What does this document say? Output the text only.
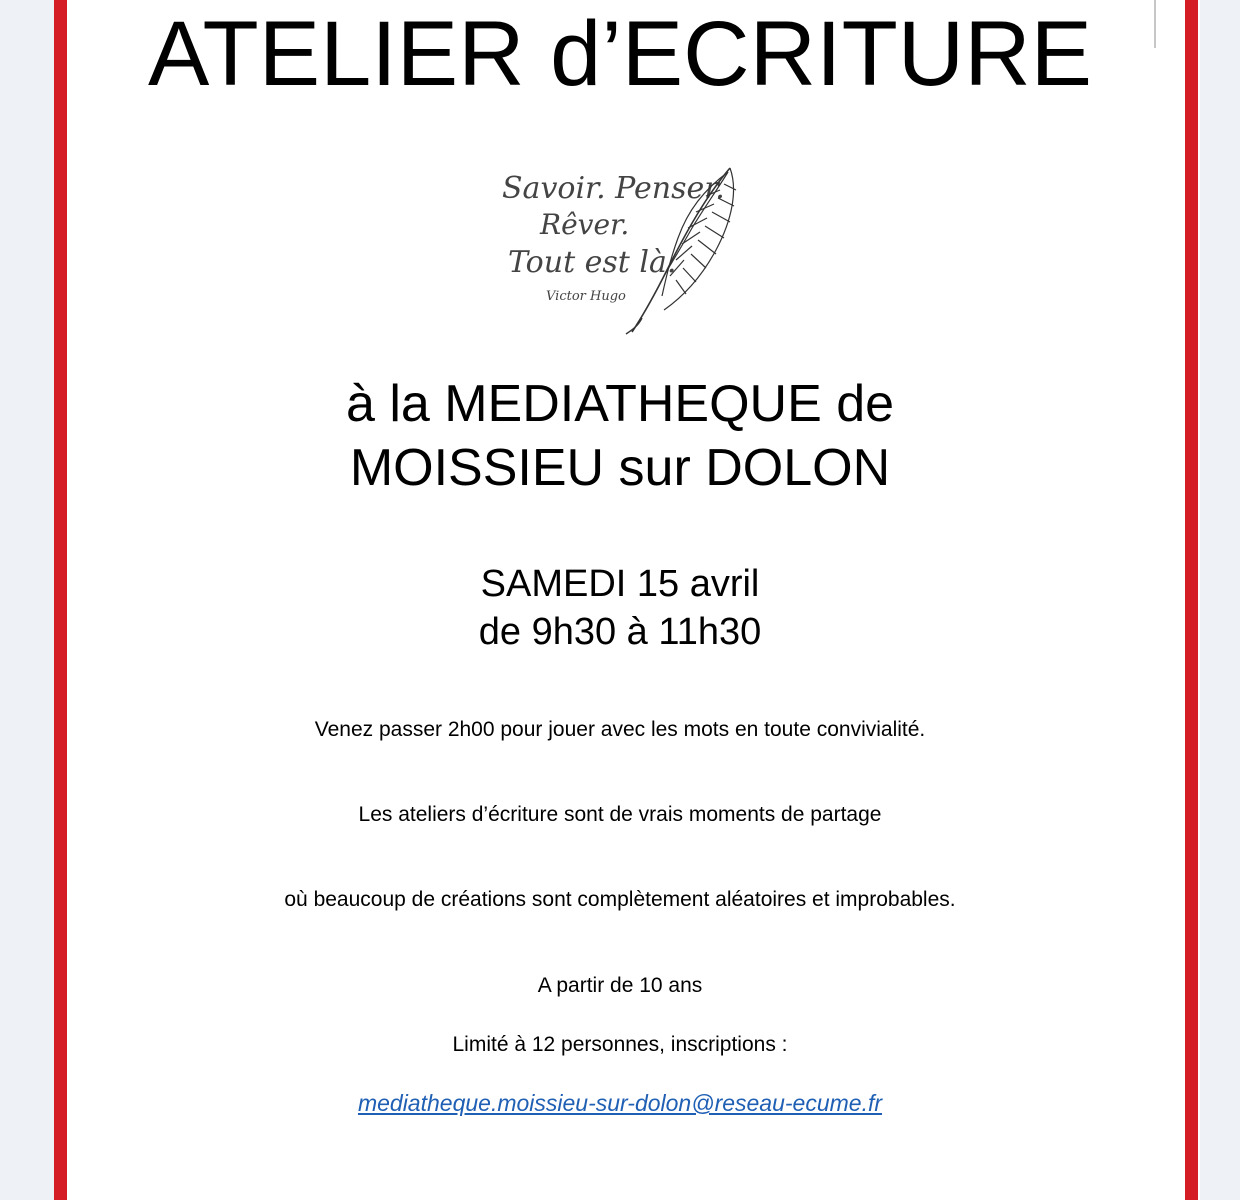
ATELIER d’ECRITURE
Savoir. Penser.
Rêver.
Tout est là.
Victor Hugo
à la MEDIATHEQUE de
MOISSIEU sur DOLON
SAMEDI 15 avril
de 9h30 à 11h30
Venez passer 2h00 pour jouer avec les mots en toute convivialité.
Les ateliers d’écriture sont de vrais moments de partage
où beaucoup de créations sont complètement aléatoires et improbables.
A partir de 10 ans
Limité à 12 personnes, inscriptions :
mediatheque.moissieu-sur-dolon@reseau-ecume.fr
